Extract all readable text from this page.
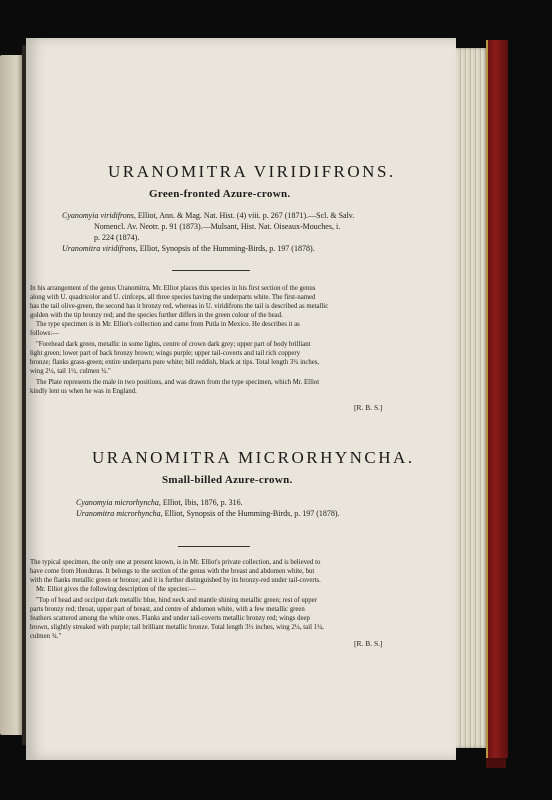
URANOMITRA VIRIDIFRONS.
Green-fronted Azure-crown.
Cyanomyia viridifrons, Elliot, Ann. & Mag. Nat. Hist. (4) viii. p. 267 (1871).—Scl. & Salv.
Nomencl. Av. Neotr. p. 91 (1873).—Mulsant, Hist. Nat. Oiseaux-Mouches, i.
p. 224 (1874).
Uranomitra viridifrons, Elliot, Synopsis of the Humming-Birds, p. 197 (1878).
In his arrangement of the genus Uranomitra, Mr. Elliot places this species in his first section of the genus
along with U. quadricolor and U. cinfceps, all three species having the underparts white. The first-named
has the tail olive-green, the second has it bronzy red, whereas in U. viridifrons the tail is described as metallic
golden with the tip bronzy red; and the species further differs in the green colour of the head.
The type specimen is in Mr. Elliot's collection and came from Putla in Mexico. He describes it as
follows:—
"Forehead dark green, metallic in some lights, centre of crown dark grey; upper part of body brilliant
light green; lower part of back bronzy brown; wings purple; upper tail-coverts and tail rich coppery
bronze; flanks grass-green; entire underparts pure white; bill reddish, black at tips. Total length 3¾ inches,
wing 2¼, tail 1½, culmen ¾."
The Plate represents the male in two positions, and was drawn from the type specimen, which Mr. Elliot
kindly lent us when he was in England.
[R. B. S.]
URANOMITRA MICRORHYNCHA.
Small-billed Azure-crown.
Cyanomyia microrhyncha, Elliot, Ibis, 1876, p. 316.
Uranomitra microrhyncha, Elliot, Synopsis of the Humming-Birds, p. 197 (1878).
The typical specimen, the only one at present known, is in Mr. Elliot's private collection, and is believed to
have come from Honduras. It belongs to the section of the genus with the breast and abdomen white, but
with the flanks metallic green or bronze; and it is further distinguished by its bronzy-red under tail-coverts.
Mr. Elliot gives the following description of the species:—
"Top of head and occiput dark metallic blue, hind neck and mantle shining metallic green; rest of upper
parts bronzy red; throat, upper part of breast, and centre of abdomen white, with a few metallic green
feathers scattered among the white ones. Flanks and under tail-coverts metallic bronzy red; wings deep
brown, slightly streaked with purple; tail brilliant metallic bronze. Total length 3½ inches, wing 2¼, tail 1¼,
culmen ¾."
[R. B. S.]
